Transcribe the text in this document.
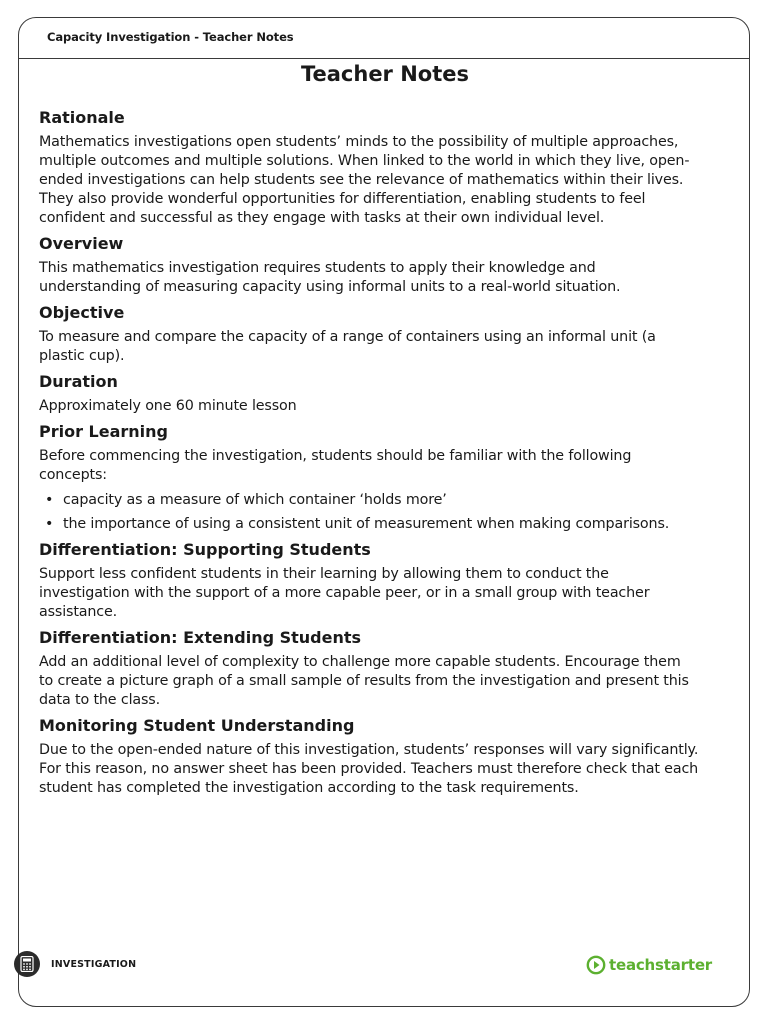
Capacity Investigation - Teacher Notes
Teacher Notes
Rationale

Mathematics investigations open students’ minds to the possibility of multiple approaches, multiple outcomes and multiple solutions. When linked to the world in which they live, open-ended investigations can help students see the relevance of mathematics within their lives. They also provide wonderful opportunities for differentiation, enabling students to feel confident and successful as they engage with tasks at their own individual level.

Overview

This mathematics investigation requires students to apply their knowledge and understanding of measuring capacity using informal units to a real-world situation.

Objective

To measure and compare the capacity of a range of containers using an informal unit (a plastic cup).

Duration

Approximately one 60 minute lesson

Prior Learning

Before commencing the investigation, students should be familiar with the following concepts:

• capacity as a measure of which container ‘holds more’
• the importance of using a consistent unit of measurement when making comparisons.
Differentiation: Supporting Students

Support less confident students in their learning by allowing them to conduct the investigation with the support of a more capable peer, or in a small group with teacher assistance.

Differentiation: Extending Students

Add an additional level of complexity to challenge more capable students. Encourage them to create a picture graph of a small sample of results from the investigation and present this data to the class.

Monitoring Student Understanding

Due to the open-ended nature of this investigation, students’ responses will vary significantly. For this reason, no answer sheet has been provided. Teachers must therefore check that each student has completed the investigation according to the task requirements.

INVESTIGATION	teachstarter
